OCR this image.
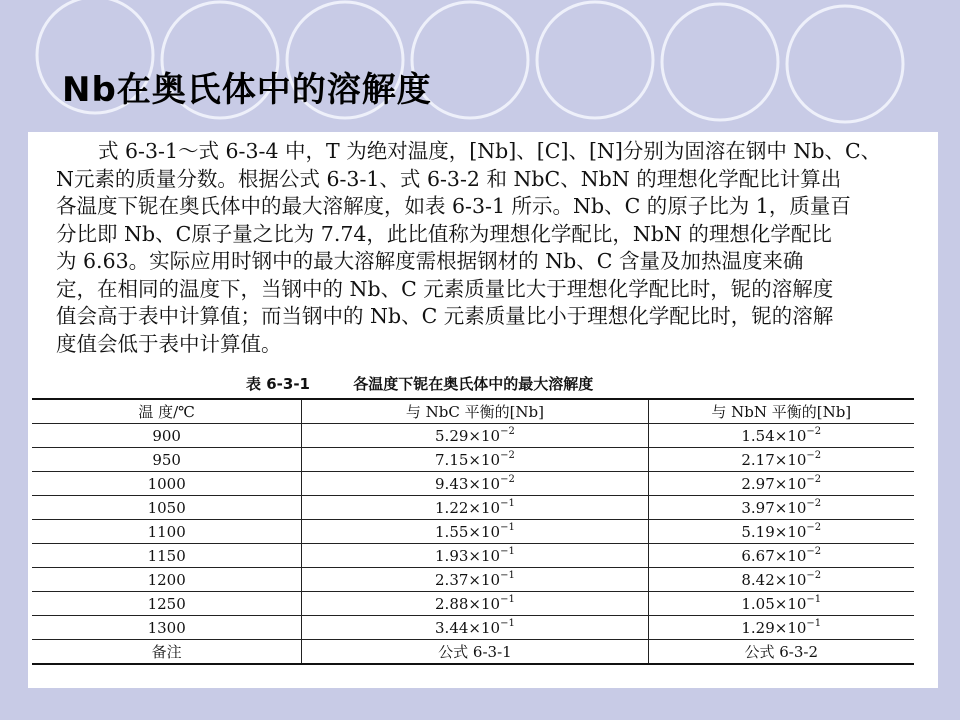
Nb在奥氏体中的溶解度

式 6-3-1～式 6-3-4 中，T 为绝对温度，[Nb]、[C]、[N]分别为固溶在钢中 Nb、C、
N元素的质量分数。根据公式 6-3-1、式 6-3-2 和 NbC、NbN 的理想化学配比计算出
各温度下铌在奥氏体中的最大溶解度，如表 6-3-1 所示。Nb、C 的原子比为 1，质量百
分比即 Nb、C原子量之比为 7.74，此比值称为理想化学配比，NbN 的理想化学配比
为 6.63。实际应用时钢中的最大溶解度需根据钢材的 Nb、C 含量及加热温度来确
定，在相同的温度下，当钢中的 Nb、C 元素质量比大于理想化学配比时，铌的溶解度
值会高于表中计算值；而当钢中的 Nb、C 元素质量比小于理想化学配比时，铌的溶解
度值会低于表中计算值。

表 6-3-1	各温度下铌在奥氏体中的最大溶解度
温 度/℃	与 NbC 平衡的[Nb]	与 NbN 平衡的[Nb]
900	$5.29\times 10^{-2}$	$1.54\times 10^{-2}$
950	$7.15\times 10^{-2}$	$2.17\times 10^{-2}$
1000	$9.43\times 10^{-2}$	$2.97\times 10^{-2}$
1050	$1.22\times 10^{-1}$	$3.97\times 10^{-2}$
1100	$1.55\times 10^{-1}$	$5.19\times 10^{-2}$
1150	$1.93\times 10^{-1}$	$6.67\times 10^{-2}$
1200	$2.37\times 10^{-1}$	$8.42\times 10^{-2}$
1250	$2.88\times 10^{-1}$	$1.05\times 10^{-1}$
1300	$3.44\times 10^{-1}$	$1.29\times 10^{-1}$
备注	公式 6-3-1	公式 6-3-2
